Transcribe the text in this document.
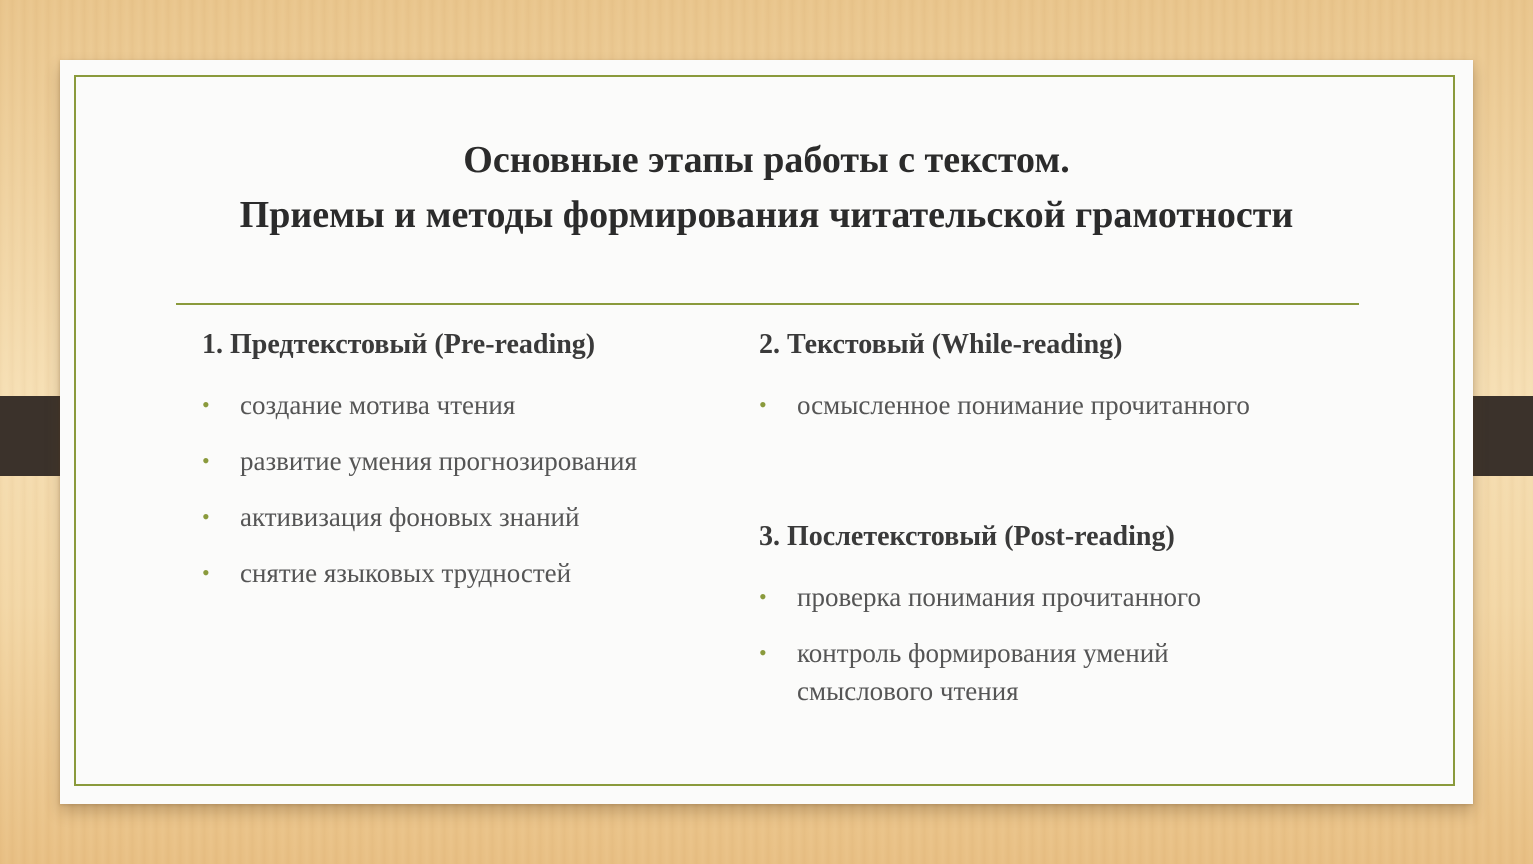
Основные этапы работы с текстом.
Приемы и методы формирования читательской грамотности
1. Предтекстовый (Pre-reading)
• создание мотива чтения
• развитие умения прогнозирования
• активизация фоновых знаний
• снятие языковых трудностей
2. Текстовый (While-reading)
• осмысленное понимание прочитанного
3. Послетекстовый (Post-reading)
• проверка понимания прочитанного
• контроль формирования умений смыслового чтения
